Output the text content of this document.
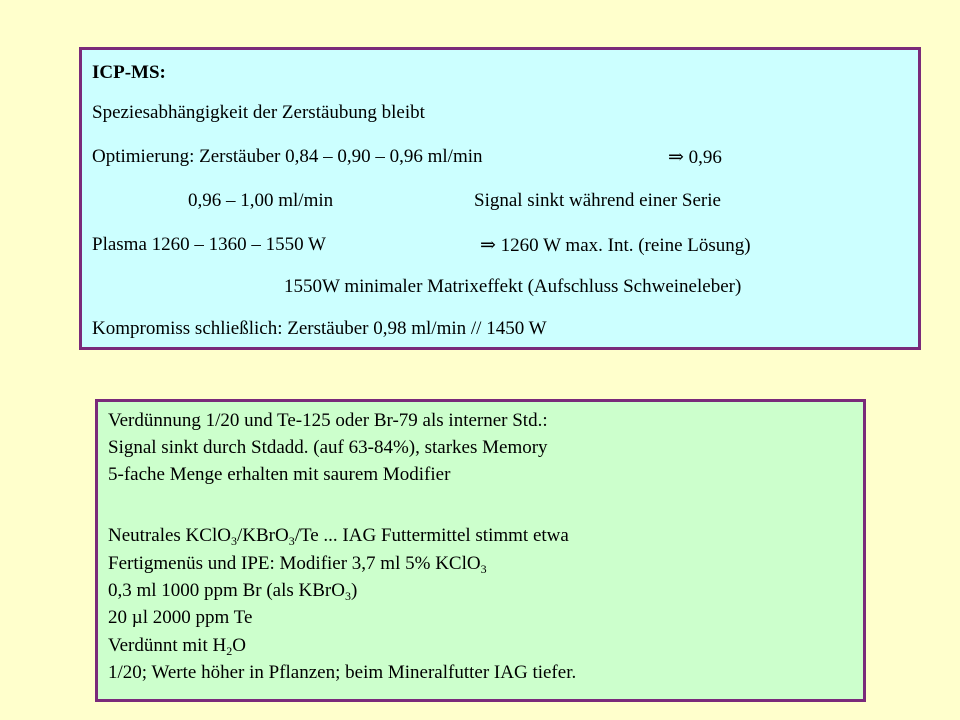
ICP-MS:
Speziesabhängigkeit der Zerstäubung bleibt
Optimierung: Zerstäuber 0,84 – 0,90 – 0,96 ml/min	⇒ 0,96
0,96 – 1,00 ml/min	Signal sinkt während einer Serie
Plasma 1260 – 1360 – 1550 W	⇒ 1260 W max. Int. (reine Lösung)
1550W minimaler Matrixeffekt (Aufschluss Schweineleber)
Kompromiss schließlich: Zerstäuber 0,98 ml/min // 1450 W
Verdünnung 1/20 und Te-125 oder Br-79 als interner Std.:
Signal sinkt durch Stdadd. (auf 63-84%), starkes Memory
5-fache Menge erhalten mit saurem Modifier
Neutrales KClO$_3$/KBrO$_3$/Te ... IAG Futtermittel stimmt etwa
Fertigmenüs und IPE: Modifier 3,7 ml 5% KClO$_3$
0,3 ml 1000 ppm Br (als KBrO$_3$)
20 µl 2000 ppm Te
Verdünnt mit $H_2O$
1/20; Werte höher in Pflanzen; beim Mineralfutter IAG tiefer.
